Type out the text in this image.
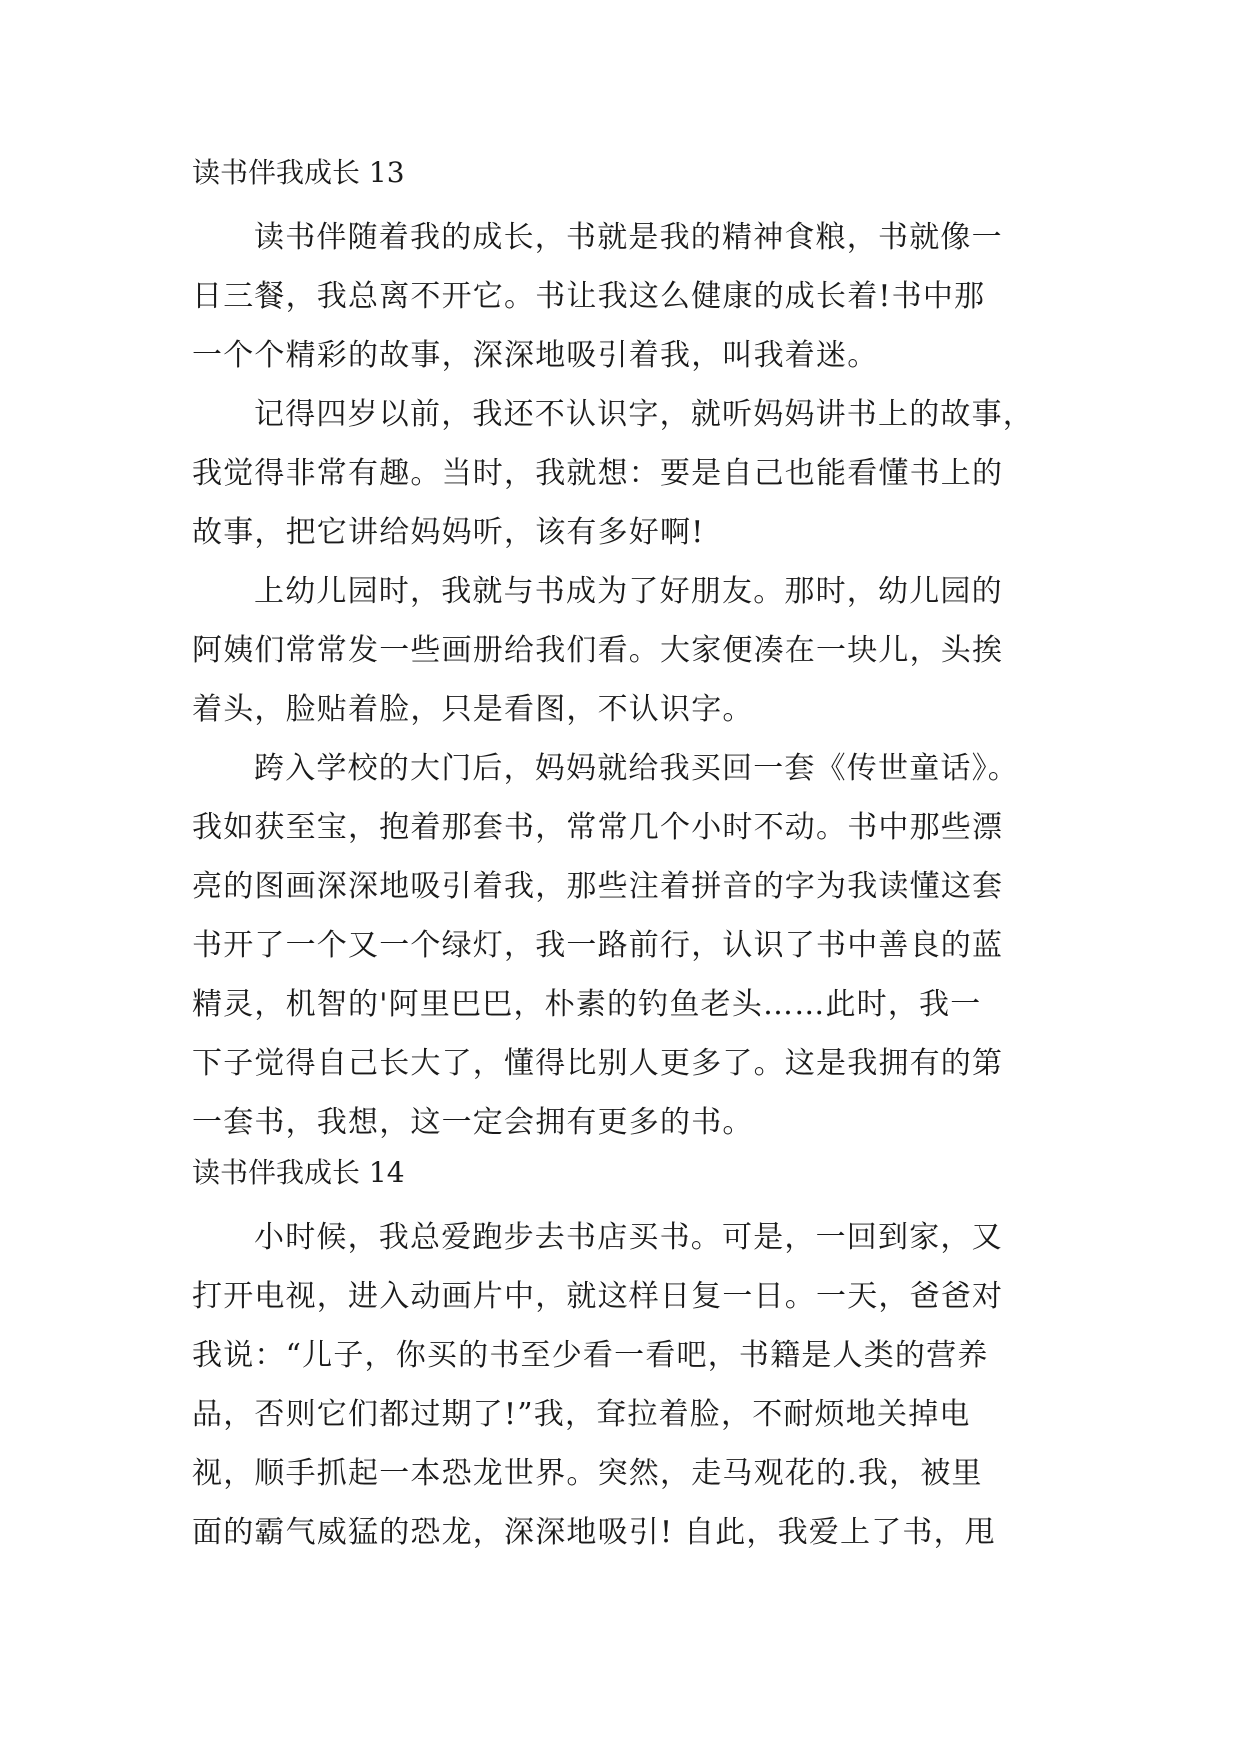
读书伴我成长 13

读书伴随着我的成长，书就是我的精神食粮，书就像一

日三餐，我总离不开它。书让我这么健康的成长着!书中那

一个个精彩的故事，深深地吸引着我，叫我着迷。

记得四岁以前，我还不认识字，就听妈妈讲书上的故事，

我觉得非常有趣。当时，我就想：要是自己也能看懂书上的

故事，把它讲给妈妈听，该有多好啊!

上幼儿园时，我就与书成为了好朋友。那时，幼儿园的

阿姨们常常发一些画册给我们看。大家便凑在一块儿，头挨

着头，脸贴着脸，只是看图，不认识字。

跨入学校的大门后，妈妈就给我买回一套《传世童话》。

我如获至宝，抱着那套书，常常几个小时不动。书中那些漂

亮的图画深深地吸引着我，那些注着拼音的字为我读懂这套

书开了一个又一个绿灯，我一路前行，认识了书中善良的蓝

精灵，机智的'阿里巴巴，朴素的钓鱼老头……此时，我一

下子觉得自己长大了，懂得比别人更多了。这是我拥有的第

一套书，我想，这一定会拥有更多的书。

读书伴我成长 14

小时候，我总爱跑步去书店买书。可是，一回到家，又

打开电视，进入动画片中，就这样日复一日。一天，爸爸对

我说：“儿子，你买的书至少看一看吧，书籍是人类的营养

品，否则它们都过期了!”我，耷拉着脸，不耐烦地关掉电

视，顺手抓起一本恐龙世界。突然，走马观花的.我，被里

面的霸气威猛的恐龙，深深地吸引! 自此，我爱上了书，甩
